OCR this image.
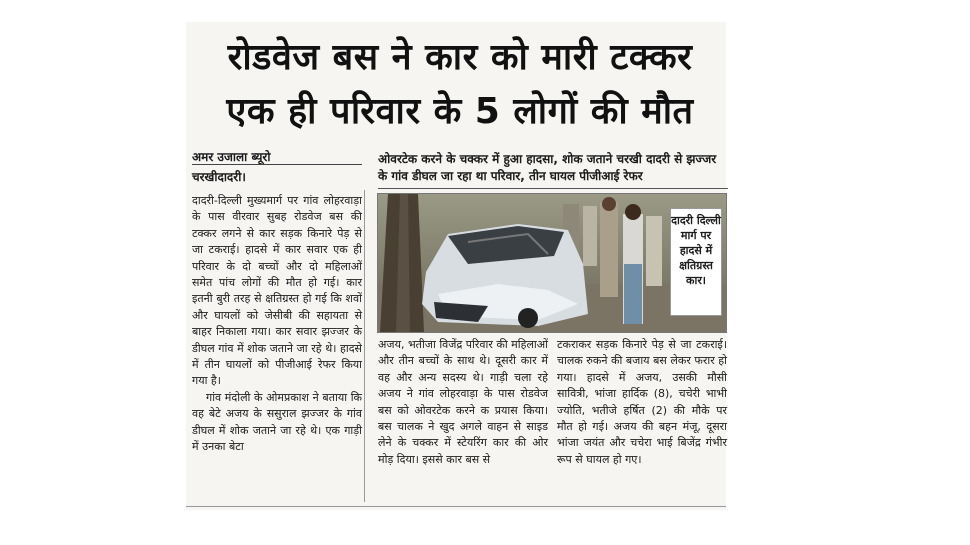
रोडवेज बस ने कार को मारी टक्कर
एक ही परिवार के 5 लोगों की मौत
अमर उजाला ब्यूरो
चरखीदादरी।
ओवरटेक करने के चक्कर में हुआ हादसा, शोक जताने चरखी दादरी से झज्जर के गांव डीघल जा रहा था परिवार, तीन घायल पीजीआई रेफर

दादरी-दिल्ली मुख्यमार्ग पर गांव लोहरवाड़ा के पास वीरवार सुबह रोडवेज बस की टक्कर लगने से कार सड़क किनारे पेड़ से जा टकराई। हादसे में कार सवार एक ही परिवार के दो बच्चों और दो महिलाओं समेत पांच लोगों की मौत हो गई। कार इतनी बुरी तरह से क्षतिग्रस्त हो गई कि शवों और घायलों को जेसीबी की सहायता से बाहर निकाला गया। कार सवार झज्जर के डीघल गांव में शोक जताने जा रहे थे। हादसे में तीन घायलों को पीजीआई रेफर किया गया है।

गांव मंदोली के ओमप्रकाश ने बताया कि वह बेटे अजय के ससुराल झज्जर के गांव डीघल में शोक जताने जा रहे थे। एक गाड़ी में उनका बेटा

दादरी दिल्ली मार्ग पर हादसे में क्षतिग्रस्त कार।

अजय, भतीजा विजेंद्र परिवार की महिलाओं और तीन बच्चों के साथ थे। दूसरी कार में वह और अन्य सदस्य थे। गाड़ी चला रहे अजय ने गांव लोहरवाड़ा के पास रोडवेज बस को ओवरटेक करने क प्रयास किया। बस चालक ने खुद अगले वाहन से साइड लेने के चक्कर में स्टेयरिंग कार की ओर मोड़ दिया। इससे कार बस से

टकराकर सड़क किनारे पेड़ से जा टकराई। चालक रुकने की बजाय बस लेकर फरार हो गया। हादसे में अजय, उसकी मौसी सावित्री, भांजा हार्दिक (8), चचेरी भाभी ज्योति, भतीजे हर्षित (2) की मौके पर मौत हो गई। अजय की बहन मंजू, दूसरा भांजा जयंत और चचेरा भाई बिजेंद्र गंभीर रूप से घायल हो गए।
